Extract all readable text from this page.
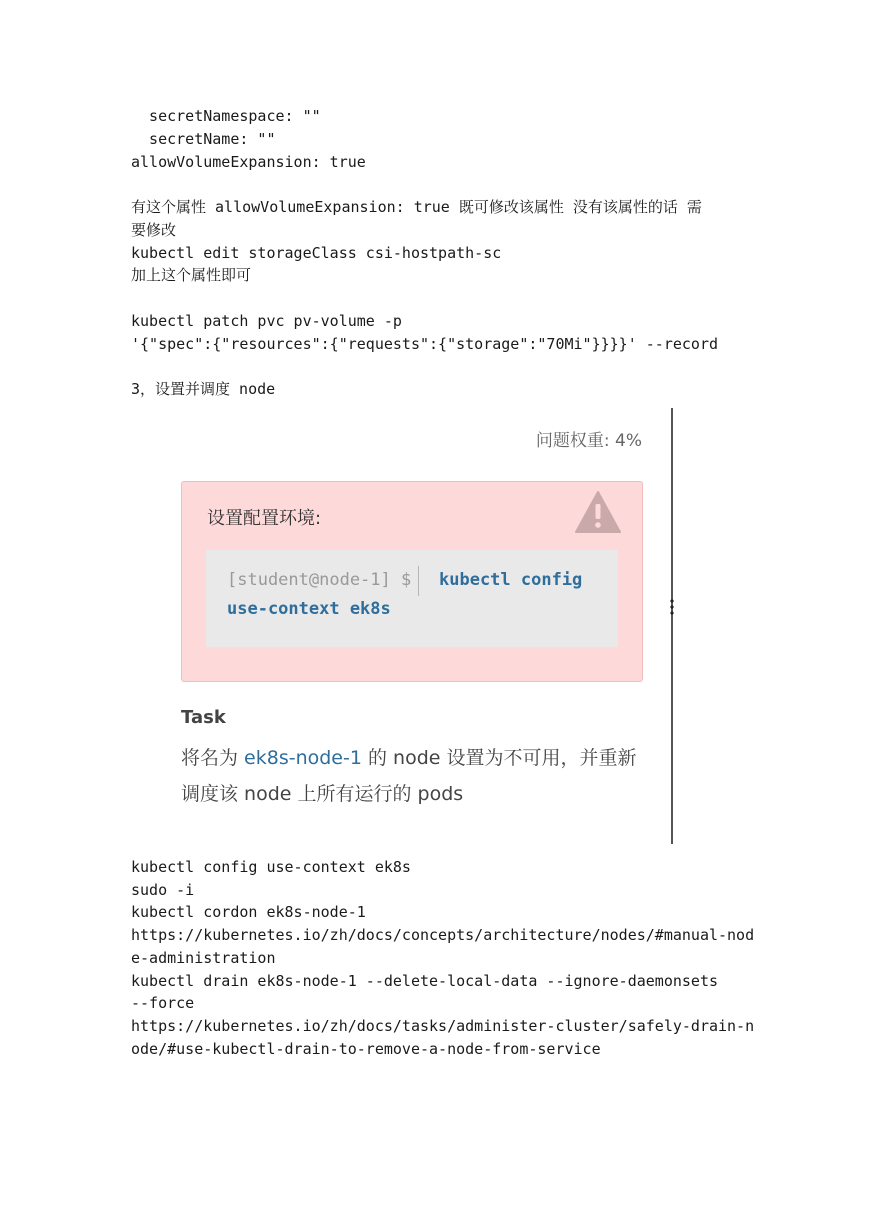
secretNamespace: ""

secretName: ""

allowVolumeExpansion: true

有这个属性 allowVolumeExpansion: true 既可修改该属性 没有该属性的话 需

要修改

kubectl edit storageClass csi-hostpath-sc

加上这个属性即可

kubectl patch pvc pv-volume -p

'{"spec":{"resources":{"requests":{"storage":"70Mi"}}}}' --record

3，设置并调度 node

问题权重: 4%
设置配置环境:
[student@node-1] $ kubectl config
use-context ek8s
Task
将名为 ek8s-node-1 的 node 设置为不可用，并重新调度该 node 上所有运行的 pods

kubectl config use-context ek8s

sudo -i

kubectl cordon ek8s-node-1

https://kubernetes.io/zh/docs/concepts/architecture/nodes/#manual-nod

e-administration

kubectl drain ek8s-node-1 --delete-local-data --ignore-daemonsets

--force

https://kubernetes.io/zh/docs/tasks/administer-cluster/safely-drain-n

ode/#use-kubectl-drain-to-remove-a-node-from-service
